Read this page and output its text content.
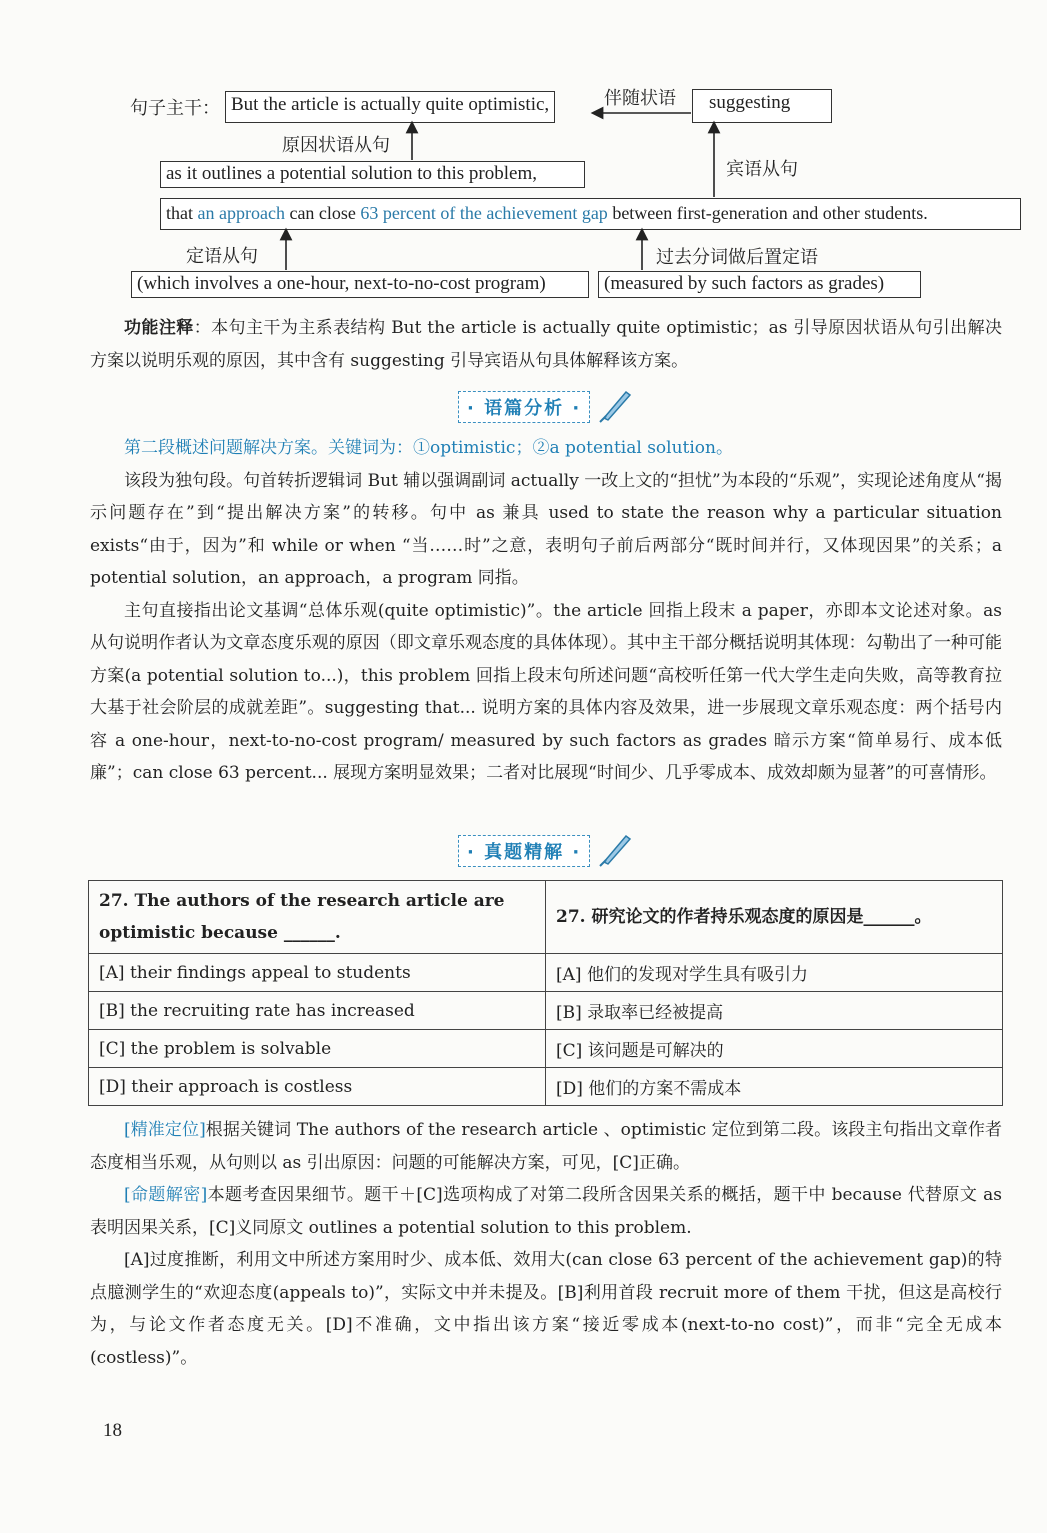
句子主干： But the article is actually quite optimistic,	伴随状语	suggesting
原因状语从句
as it outlines a potential solution to this problem,	宾语从句
that an approach can close 63 percent of the achievement gap between first-generation and other students.
定语从句	过去分词做后置定语
(which involves a one-hour, next-to-no-cost program)	(measured by such factors as grades)

功能注释：本句主干为主系表结构 But the article is actually quite optimistic；as 引导原因状语从句引出解决方案以说明乐观的原因，其中含有 suggesting 引导宾语从句具体解释该方案。

· 语篇分析 ·

第二段概述问题解决方案。关键词为：①optimistic；②a potential solution。

该段为独句段。句首转折逻辑词 But 辅以强调副词 actually 一改上文的“担忧”为本段的“乐观”，实现论述角度从“揭示问题存在”到“提出解决方案”的转移。句中 as 兼具 used to state the reason why a particular situation exists“由于，因为”和 while or when “当……时”之意，表明句子前后两部分“既时间并行，又体现因果”的关系；a potential solution，an approach，a program 同指。

主句直接指出论文基调“总体乐观(quite optimistic)”。the article 回指上段末 a paper，亦即本文论述对象。as 从句说明作者认为文章态度乐观的原因（即文章乐观态度的具体体现）。其中主干部分概括说明其体现：勾勒出了一种可能方案(a potential solution to...)，this problem 回指上段末句所述问题“高校听任第一代大学生走向失败，高等教育拉大基于社会阶层的成就差距”。suggesting that... 说明方案的具体内容及效果，进一步展现文章乐观态度：两个括号内容 a one-hour，next-to-no-cost program/ measured by such factors as grades 暗示方案“简单易行、成本低廉”；can close 63 percent... 展现方案明显效果；二者对比展现“时间少、几乎零成本、成效却颇为显著”的可喜情形。

· 真题精解 ·
27. The authors of the research article are optimistic because ______.	27. 研究论文的作者持乐观态度的原因是______。

[A] their findings appeal to students	[A] 他们的发现对学生具有吸引力
[B] the recruiting rate has increased	[B] 录取率已经被提高
[C] the problem is solvable	[C] 该问题是可解决的
[D] their approach is costless	[D] 他们的方案不需成本

[精准定位]根据关键词 The authors of the research article 、optimistic 定位到第二段。该段主句指出文章作者态度相当乐观，从句则以 as 引出原因：问题的可能解决方案，可见，[C]正确。

[命题解密]本题考查因果细节。题干＋[C]选项构成了对第二段所含因果关系的概括，题干中 because 代替原文 as 表明因果关系，[C]义同原文 outlines a potential solution to this problem.

[A]过度推断，利用文中所述方案用时少、成本低、效用大(can close 63 percent of the achievement gap)的特点臆测学生的“欢迎态度(appeals to)”，实际文中并未提及。[B]利用首段 recruit more of them 干扰，但这是高校行为，与论文作者态度无关。[D]不准确，文中指出该方案“接近零成本(next-to-no cost)”，而非“完全无成本(costless)”。

18
